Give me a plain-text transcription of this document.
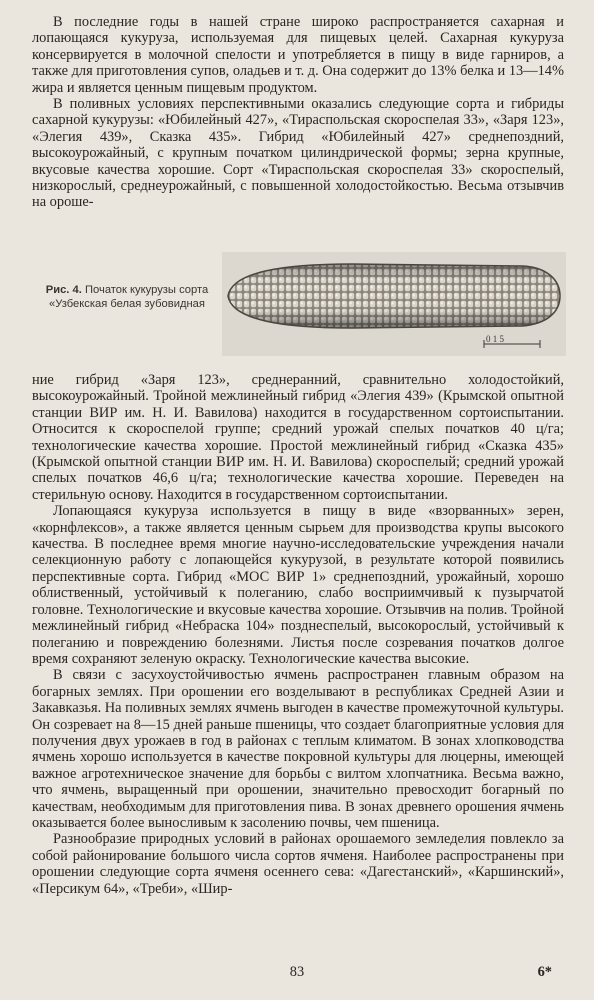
В последние годы в нашей стране широко распространяется сахарная и лопающаяся кукуруза, используемая для пищевых целей. Сахарная кукуруза консервируется в молочной спелости и употребляется в пищу в виде гарниров, а также для приготовления супов, оладьев и т. д. Она содержит до 13% белка и 13—14% жира и является ценным пищевым продуктом.

В поливных условиях перспективными оказались следующие сорта и гибриды сахарной кукурузы: «Юбилейный 427», «Тираспольская скороспелая 33», «Заря 123», «Элегия 439», Сказка 435». Гибрид «Юбилейный 427» среднепоздний, высокоурожайный, с крупным початком цилиндрической формы; зерна крупные, вкусовые качества хорошие. Сорт «Тираспольская скороспелая 33» скороспелый, низкорослый, среднеурожайный, с повышенной холодостойкостью. Весьма отзывчив на ороше-

Рис. 4. Початок кукурузы сорта «Узбекская белая зубовидная
0 1 5

ние гибрид «Заря 123», среднеранний, сравнительно холодостойкий, высокоурожайный. Тройной межлинейный гибрид «Элегия 439» (Крымской опытной станции ВИР им. Н. И. Вавилова) находится в государственном сортоиспытании. Относится к скороспелой группе; средний урожай спелых початков 40 ц/га; технологические качества хорошие. Простой межлинейный гибрид «Сказка 435» (Крымской опытной станции ВИР им. Н. И. Вавилова) скороспелый; средний урожай спелых початков 46,6 ц/га; технологические качества хорошие. Переведен на стерильную основу. Находится в государственном сортоиспытании.

Лопающаяся кукуруза используется в пищу в виде «взорванных» зерен, «корнфлексов», а также является ценным сырьем для производства крупы высокого качества. В последнее время многие научно-исследовательские учреждения начали селекционную работу с лопающейся кукурузой, в результате которой появились перспективные сорта. Гибрид «МОС ВИР 1» среднепоздний, урожайный, хорошо облиственный, устойчивый к полеганию, слабо восприимчивый к пузырчатой головне. Технологические и вкусовые качества хорошие. Отзывчив на полив. Тройной межлинейный гибрид «Небраска 104» позднеспелый, высокорослый, устойчивый к полеганию и повреждению болезнями. Листья после созревания початков долгое время сохраняют зеленую окраску. Технологические качества высокие.

В связи с засухоустойчивостью ячмень распространен главным образом на богарных землях. При орошении его возделывают в республиках Средней Азии и Закавказья. На поливных землях ячмень выгоден в качестве промежуточной культуры. Он созревает на 8—15 дней раньше пшеницы, что создает благоприятные условия для получения двух урожаев в год в районах с теплым климатом. В зонах хлопководства ячмень хорошо используется в качестве покровной культуры для люцерны, имеющей важное агротехническое значение для борьбы с вилтом хлопчатника. Весьма важно, что ячмень, выращенный при орошении, значительно превосходит богарный по качествам, необходимым для приготовления пива. В зонах древнего орошения ячмень оказывается более выносливым к засолению почвы, чем пшеница.

Разнообразие природных условий в районах орошаемого земледелия повлекло за собой районирование большого числа сортов ячменя. Наиболее распространены при орошении следующие сорта ячменя осеннего сева: «Дагестанский», «Каршинский», «Персикум 64», «Треби», «Шир-

83	6*
